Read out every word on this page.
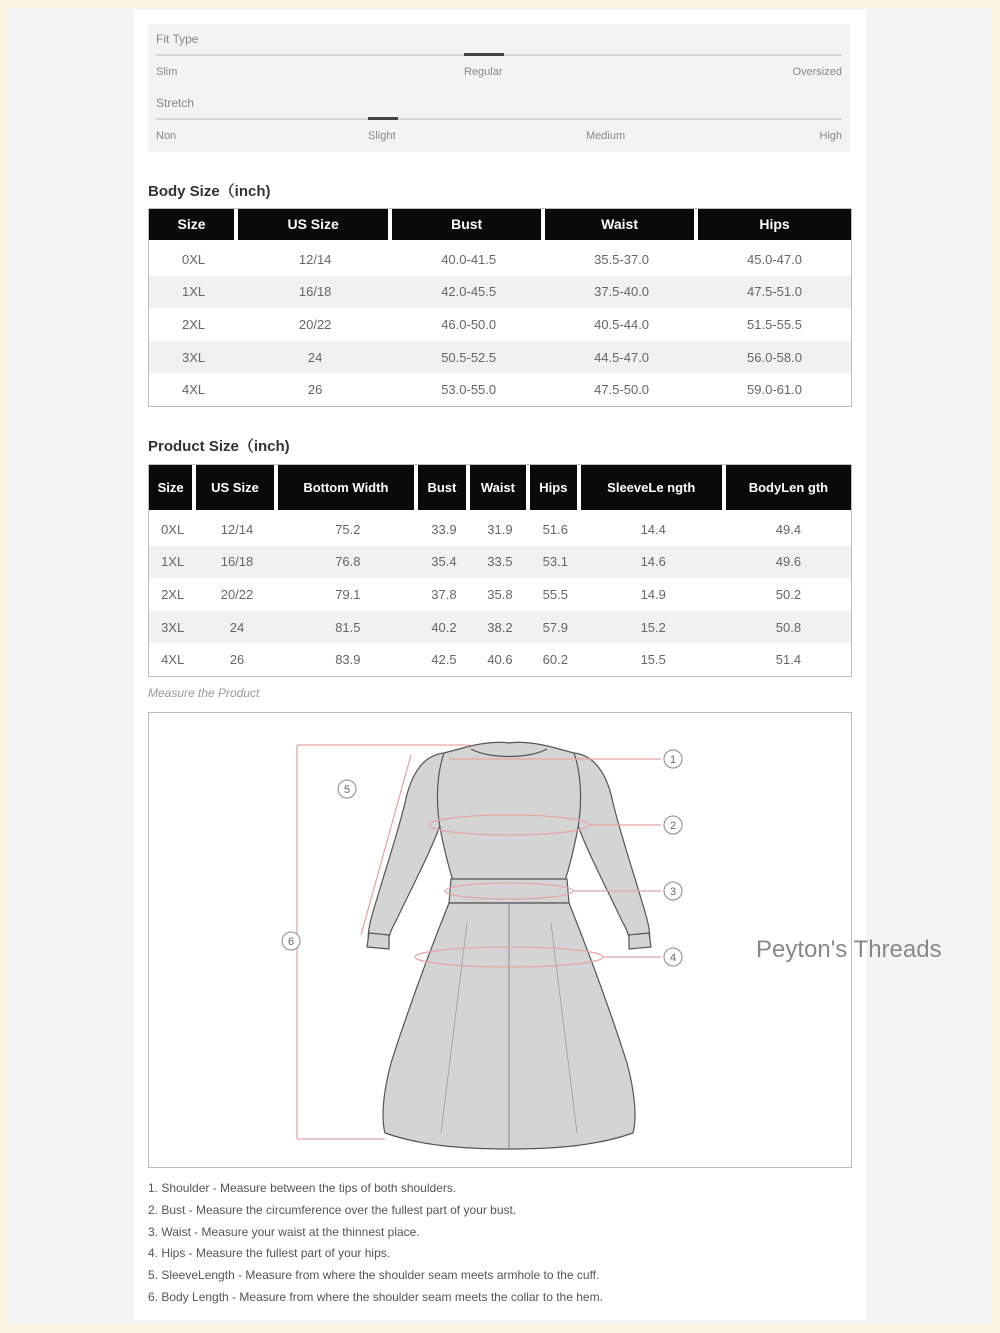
Fit Type
Slim	Regular	Oversized
Stretch
Non	Slight	Medium	High
Body Size（inch)
Size	US Size	Bust	Waist	Hips
0XL	12/14	40.0-41.5	35.5-37.0	45.0-47.0
1XL	16/18	42.0-45.5	37.5-40.0	47.5-51.0
2XL	20/22	46.0-50.0	40.5-44.0	51.5-55.5
3XL	24	50.5-52.5	44.5-47.0	56.0-58.0
4XL	26	53.0-55.0	47.5-50.0	59.0-61.0
Product Size（inch)
Size	US Size	Bottom Width	Bust	Waist	Hips	SleeveLe ngth	BodyLen gth
0XL	12/14	75.2	33.9	31.9	51.6	14.4	49.4
1XL	16/18	76.8	35.4	33.5	53.1	14.6	49.6
2XL	20/22	79.1	37.8	35.8	55.5	14.9	50.2
3XL	24	81.5	40.2	38.2	57.9	15.2	50.8
4XL	26	83.9	42.5	40.6	60.2	15.5	51.4
Measure the Product
1
2
3
4
5
6
1. Shoulder - Measure between the tips of both shoulders.
2. Bust - Measure the circumference over the fullest part of your bust.
3. Waist - Measure your waist at the thinnest place.
4. Hips - Measure the fullest part of your hips.
5. SleeveLength - Measure from where the shoulder seam meets armhole to the cuff.
6. Body Length - Measure from where the shoulder seam meets the collar to the hem.
Peyton's Threads
